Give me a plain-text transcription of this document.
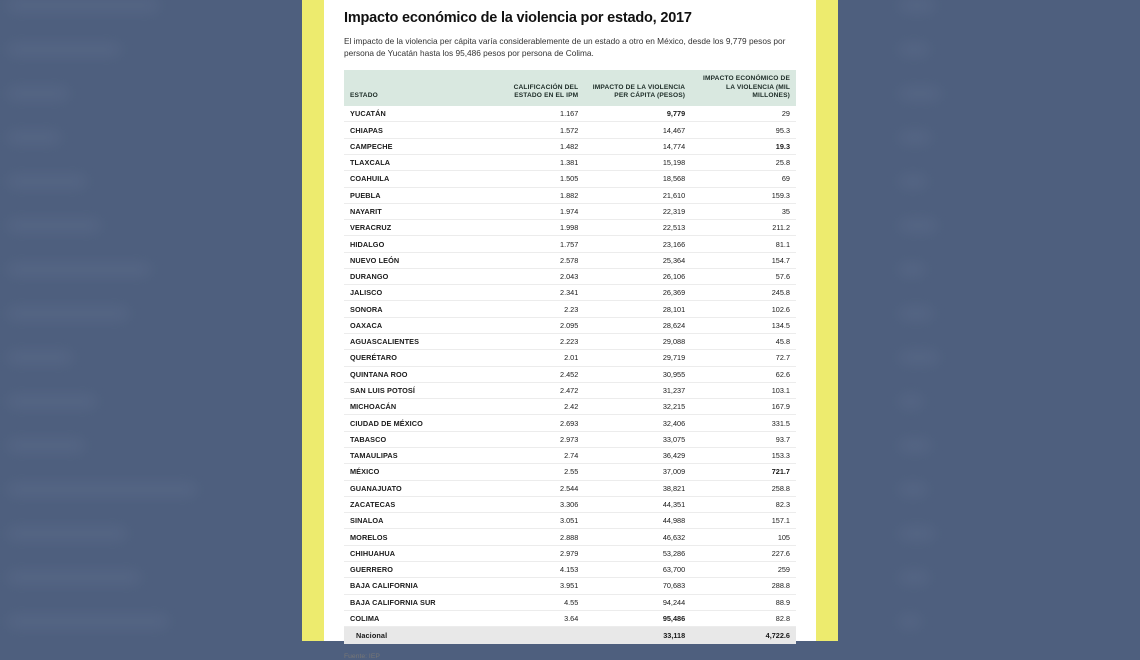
Impacto económico de la violencia por estado, 2017

El impacto de la violencia per cápita varía considerablemente de un estado a otro en México, desde los 9,779 pesos por persona de Yucatán hasta los 95,486 pesos por persona de Colima.

ESTADO	CALIFICACIÓN DEL ESTADO EN EL IPM	IMPACTO DE LA VIOLENCIA PER CÁPITA (PESOS)	IMPACTO ECONÓMICO DE LA VIOLENCIA (MIL MILLONES)
YUCATÁN	1.167	9,779	29
CHIAPAS	1.572	14,467	95.3
CAMPECHE	1.482	14,774	19.3
TLAXCALA	1.381	15,198	25.8
COAHUILA	1.505	18,568	69
PUEBLA	1.882	21,610	159.3
NAYARIT	1.974	22,319	35
VERACRUZ	1.998	22,513	211.2
HIDALGO	1.757	23,166	81.1
NUEVO LEÓN	2.578	25,364	154.7
DURANGO	2.043	26,106	57.6
JALISCO	2.341	26,369	245.8
SONORA	2.23	28,101	102.6
OAXACA	2.095	28,624	134.5
AGUASCALIENTES	2.223	29,088	45.8
QUERÉTARO	2.01	29,719	72.7
QUINTANA ROO	2.452	30,955	62.6
SAN LUIS POTOSÍ	2.472	31,237	103.1
MICHOACÁN	2.42	32,215	167.9
CIUDAD DE MÉXICO	2.693	32,406	331.5
TABASCO	2.973	33,075	93.7
TAMAULIPAS	2.74	36,429	153.3
MÉXICO	2.55	37,009	721.7
GUANAJUATO	2.544	38,821	258.8
ZACATECAS	3.306	44,351	82.3
SINALOA	3.051	44,988	157.1
MORELOS	2.888	46,632	105
CHIHUAHUA	2.979	53,286	227.6
GUERRERO	4.153	63,700	259
BAJA CALIFORNIA	3.951	70,683	288.8
BAJA CALIFORNIA SUR	4.55	94,244	88.9
COLIMA	3.64	95,486	82.8
Nacional		33,118	4,722.6
Fuente: IEP
